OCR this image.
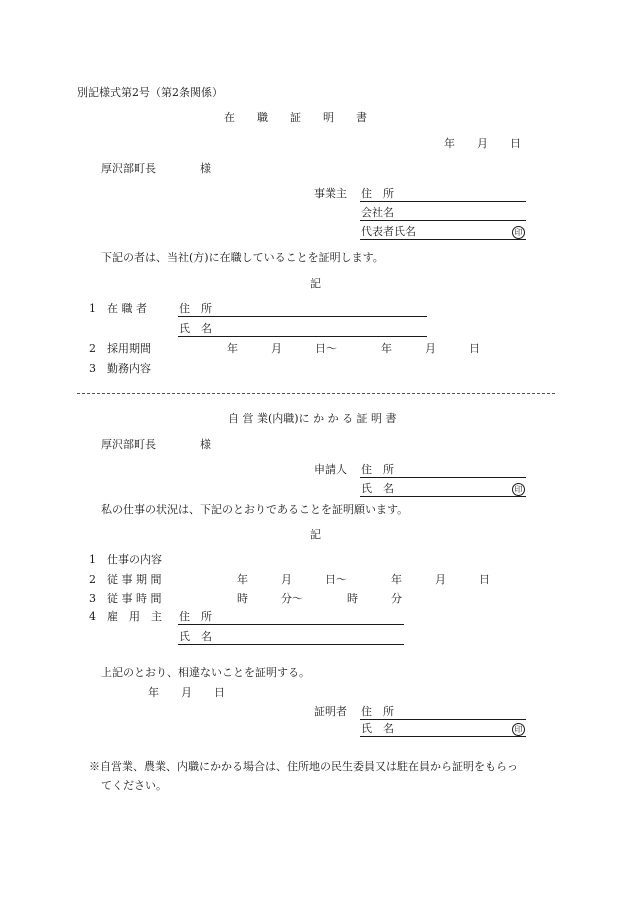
別記様式第2号（第2条関係）
在　　職　　証　　明　　書
年　　月　　日
厚沢部町長　　　　様
事業主 住　所
会社名
代表者氏名	印
下記の者は、当社(方)に在職していることを証明します。
記
1　在 職 者	住　所
氏　名
2　採用期間	年　　　月　　　日～　　　　年　　　月　　　日
3　勤務内容
自 営 業(内職)に か か る 証 明 書
厚沢部町長　　　　様
申請人 住　所
氏　名	印
私の仕事の状況は、下記のとおりであることを証明願います。
記
1　仕事の内容
2　従 事 期 間	年　　　月　　　日～　　　　年　　　月　　　日
3　従 事 時 間	時　　　分～　　　　時　　　分
4　雇　用　主 住　所
氏　名
上記のとおり、相違ないことを証明する。
年　　月　　日
証明者 住　所
氏　名	印
※自営業、農業、内職にかかる場合は、住所地の民生委員又は駐在員から証明をもらっ
てください。
